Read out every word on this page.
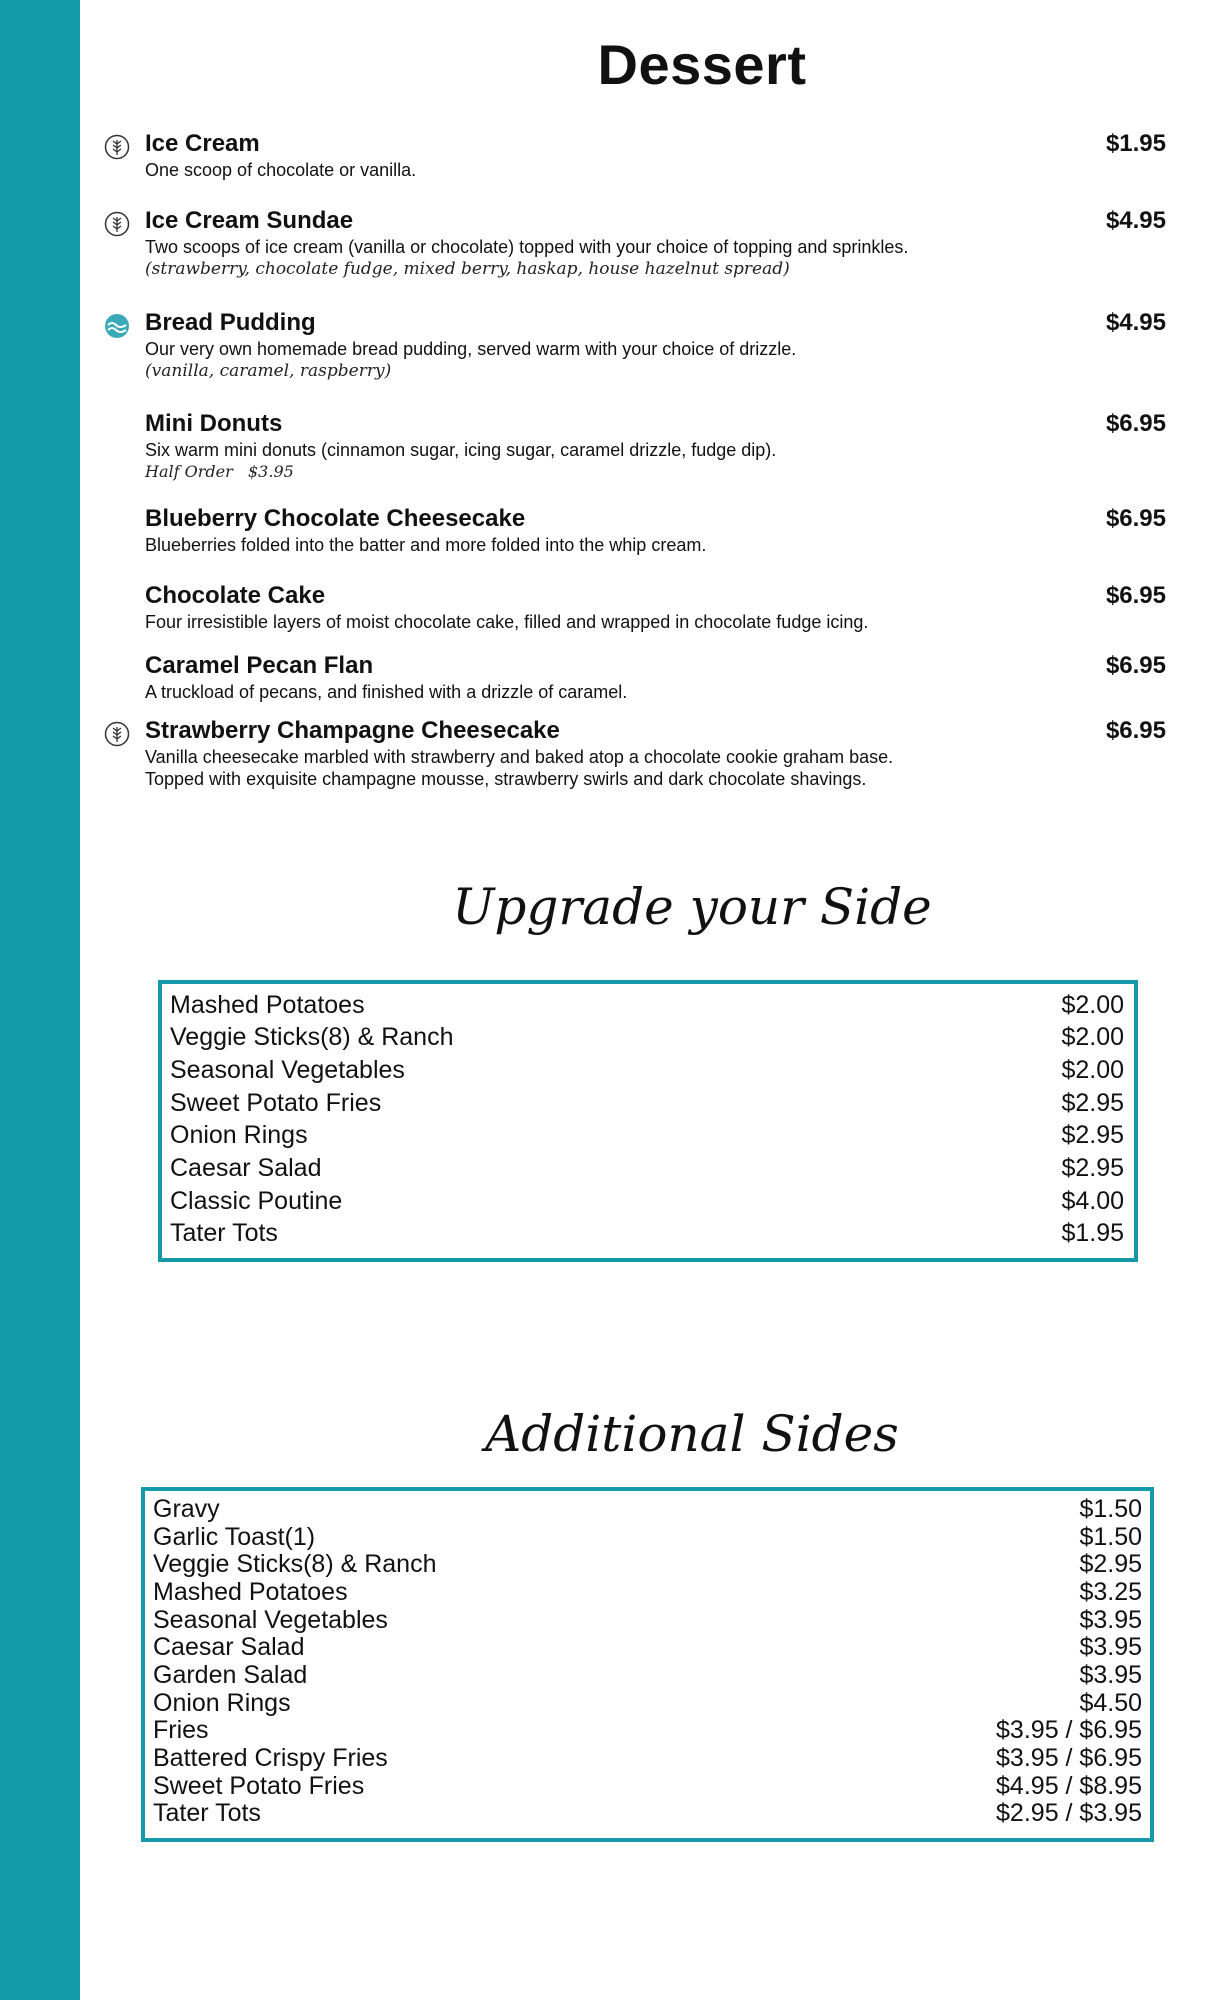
Dessert
Ice Cream	$1.95
One scoop of chocolate or vanilla.
Ice Cream Sundae	$4.95
Two scoops of ice cream (vanilla or chocolate) topped with your choice of topping and sprinkles.
(strawberry, chocolate fudge, mixed berry, haskap, house hazelnut spread)
Bread Pudding	$4.95
Our very own homemade bread pudding, served warm with your choice of drizzle.
(vanilla, caramel, raspberry)
Mini Donuts	$6.95
Six warm mini donuts (cinnamon sugar, icing sugar, caramel drizzle, fudge dip).
Half Order   $3.95
Blueberry Chocolate Cheesecake	$6.95
Blueberries folded into the batter and more folded into the whip cream.
Chocolate Cake	$6.95
Four irresistible layers of moist chocolate cake, filled and wrapped in chocolate fudge icing.
Caramel Pecan Flan	$6.95
A truckload of pecans, and finished with a drizzle of caramel.
Strawberry Champagne Cheesecake	$6.95
Vanilla cheesecake marbled with strawberry and baked atop a chocolate cookie graham base.
Topped with exquisite champagne mousse, strawberry swirls and dark chocolate shavings.
Upgrade your Side
Mashed Potatoes	$2.00
Veggie Sticks(8) & Ranch	$2.00
Seasonal Vegetables	$2.00
Sweet Potato Fries	$2.95
Onion Rings	$2.95
Caesar Salad	$2.95
Classic Poutine	$4.00
Tater Tots	$1.95
Additional Sides
Gravy	$1.50
Garlic Toast(1)	$1.50
Veggie Sticks(8) & Ranch	$2.95
Mashed Potatoes	$3.25
Seasonal Vegetables	$3.95
Caesar Salad	$3.95
Garden Salad	$3.95
Onion Rings	$4.50
Fries	$3.95 / $6.95
Battered Crispy Fries	$3.95 / $6.95
Sweet Potato Fries	$4.95 / $8.95
Tater Tots	$2.95 / $3.95
